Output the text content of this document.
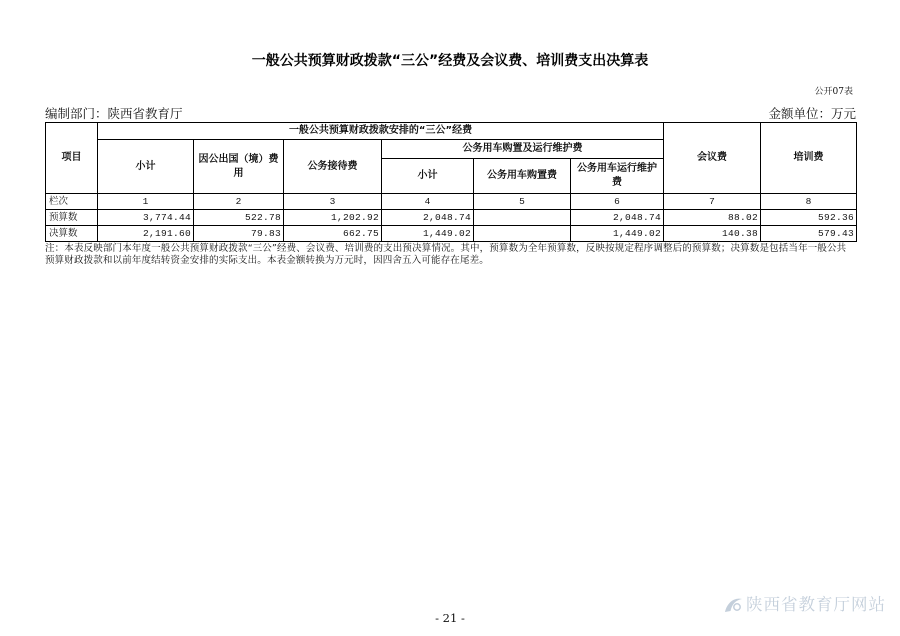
一般公共预算财政拨款“三公”经费及会议费、培训费支出决算表
公开07表
编制部门：陕西省教育厅	金额单位：万元
项目	一般公共预算财政拨款安排的“三公”经费						会议费	培训费
	小计	因公出国（境）费用	公务接待费	公务用车购置及运行维护费				
				小计	公务用车购置费	公务用车运行维护费		
栏次	1	2	3	4	5	6	7	8
预算数	3,774.44	522.78	1,202.92	2,048.74		2,048.74	88.02	592.36
决算数	2,191.60	79.83	662.75	1,449.02		1,449.02	140.38	579.43
注：本表反映部门本年度一般公共预算财政拨款“三公”经费、会议费、培训费的支出预决算情况。其中，预算数为全年预算数，反映按规定程序调整后的预算数；决算数是包括当年一般公共
预算财政拨款和以前年度结转资金安排的实际支出。本表金额转换为万元时，因四舍五入可能存在尾差。
- 21 -
陕西省教育厅网站
